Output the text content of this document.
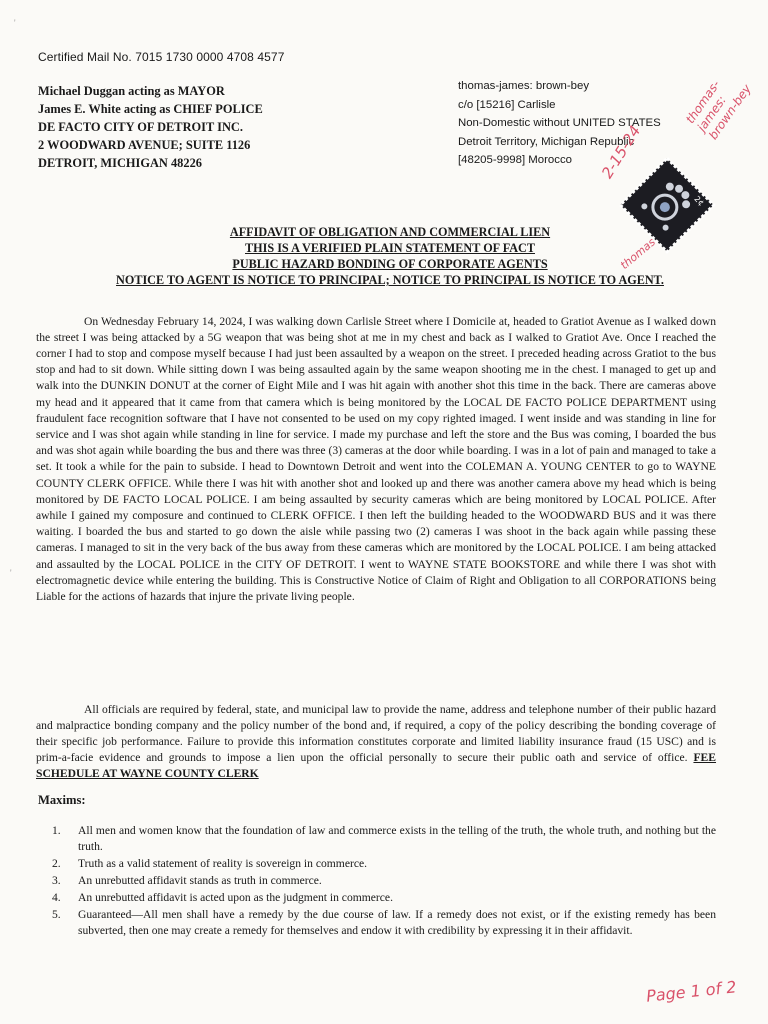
'
'
Certified Mail No. 7015 1730 0000 4708 4577
Michael Duggan acting as MAYOR
James E. White acting as CHIEF POLICE
DE FACTO CITY OF DETROIT INC.
2 WOODWARD AVENUE; SUITE 1126
DETROIT, MICHIGAN 48226
thomas-james: brown-bey
c/o [15216] Carlisle
Non-Domestic without UNITED STATES
Detroit Territory, Michigan Republic
[48205-9998] Morocco
2¢
2-15-24
thomas-james: brown-bey
thomas
AFFIDAVIT OF OBLIGATION AND COMMERCIAL LIEN
THIS IS A VERIFIED PLAIN STATEMENT OF FACT
PUBLIC HAZARD BONDING OF CORPORATE AGENTS
NOTICE TO AGENT IS NOTICE TO PRINCIPAL; NOTICE TO PRINCIPAL IS NOTICE TO AGENT.

On Wednesday February 14, 2024, I was walking down Carlisle Street where I Domicile at, headed to Gratiot Avenue as I walked down the street I was being attacked by a 5G weapon that was being shot at me in my chest and back as I walked to Gratiot Ave. Once I reached the corner I had to stop and compose myself because I had just been assaulted by a weapon on the street. I preceded heading across Gratiot to the bus stop and had to sit down. While sitting down I was being assaulted again by the same weapon shooting me in the chest. I managed to get up and walk into the DUNKIN DONUT at the corner of Eight Mile and I was hit again with another shot this time in the back. There are cameras above my head and it appeared that it came from that camera which is being monitored by the LOCAL DE FACTO POLICE DEPARTMENT using fraudulent face recognition software that I have not consented to be used on my copy righted imaged. I went inside and was standing in line for service and I was shot again while standing in line for service. I made my purchase and left the store and the Bus was coming, I boarded the bus and was shot again while boarding the bus and there was three (3) cameras at the door while boarding. I was in a lot of pain and managed to take a set. It took a while for the pain to subside. I head to Downtown Detroit and went into the COLEMAN A. YOUNG CENTER to go to WAYNE COUNTY CLERK OFFICE. While there I was hit with another shot and looked up and there was another camera above my head which is being monitored by DE FACTO LOCAL POLICE. I am being assaulted by security cameras which are being monitored by LOCAL POLICE. After awhile I gained my composure and continued to CLERK OFFICE. I then left the building headed to the WOODWARD BUS and it was there waiting. I boarded the bus and started to go down the aisle while passing two (2) cameras I was shoot in the back again while passing these cameras. I managed to sit in the very back of the bus away from these cameras which are monitored by the LOCAL POLICE. I am being attacked and assaulted by the LOCAL POLICE in the CITY OF DETROIT. I went to WAYNE STATE BOOKSTORE and while there I was shot with electromagnetic device while entering the building. This is Constructive Notice of Claim of Right and Obligation to all CORPORATIONS being Liable for the actions of hazards that injure the private living people.

All officials are required by federal, state, and municipal law to provide the name, address and telephone number of their public hazard and malpractice bonding company and the policy number of the bond and, if required, a copy of the policy describing the bonding coverage of their specific job performance. Failure to provide this information constitutes corporate and limited liability insurance fraud (15 USC) and is prim-a-facie evidence and grounds to impose a lien upon the official personally to secure their public oath and service of office. FEE SCHEDULE AT WAYNE COUNTY CLERK

Maxims:
1.	All men and women know that the foundation of law and commerce exists in the telling of the truth, the whole truth, and nothing but the truth.
2.	Truth as a valid statement of reality is sovereign in commerce.
3.	An unrebutted affidavit stands as truth in commerce.
4.	An unrebutted affidavit is acted upon as the judgment in commerce.
5.	Guaranteed—All men shall have a remedy by the due course of law. If a remedy does not exist, or if the existing remedy has been subverted, then one may create a remedy for themselves and endow it with credibility by expressing it in their affidavit.
Page 1 of 2
